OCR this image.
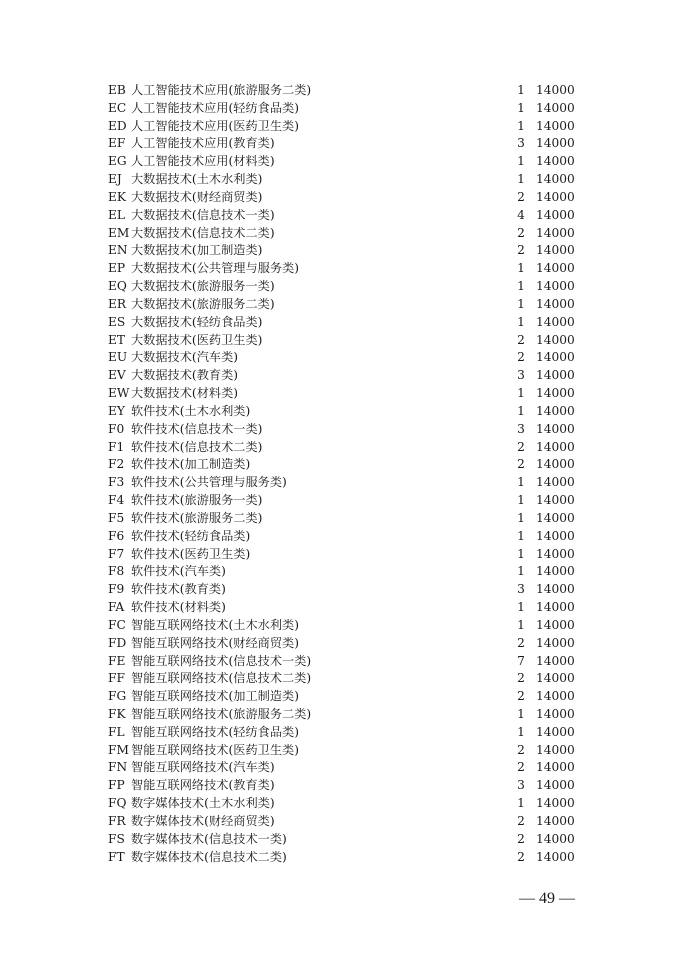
EB 人工智能技术应用(旅游服务二类)	1 14000
EC 人工智能技术应用(轻纺食品类)	1 14000
ED 人工智能技术应用(医药卫生类)	1 14000
EF 人工智能技术应用(教育类)	3 14000
EG 人工智能技术应用(材料类)	1 14000
EJ 大数据技术(土木水利类)	1 14000
EK 大数据技术(财经商贸类)	2 14000
EL 大数据技术(信息技术一类)	4 14000
EM 大数据技术(信息技术二类)	2 14000
EN 大数据技术(加工制造类)	2 14000
EP 大数据技术(公共管理与服务类)	1 14000
EQ 大数据技术(旅游服务一类)	1 14000
ER 大数据技术(旅游服务二类)	1 14000
ES 大数据技术(轻纺食品类)	1 14000
ET 大数据技术(医药卫生类)	2 14000
EU 大数据技术(汽车类)	2 14000
EV 大数据技术(教育类)	3 14000
EW 大数据技术(材料类)	1 14000
EY 软件技术(土木水利类)	1 14000
F0 软件技术(信息技术一类)	3 14000
F1 软件技术(信息技术二类)	2 14000
F2 软件技术(加工制造类)	2 14000
F3 软件技术(公共管理与服务类)	1 14000
F4 软件技术(旅游服务一类)	1 14000
F5 软件技术(旅游服务二类)	1 14000
F6 软件技术(轻纺食品类)	1 14000
F7 软件技术(医药卫生类)	1 14000
F8 软件技术(汽车类)	1 14000
F9 软件技术(教育类)	3 14000
FA 软件技术(材料类)	1 14000
FC 智能互联网络技术(土木水利类)	1 14000
FD 智能互联网络技术(财经商贸类)	2 14000
FE 智能互联网络技术(信息技术一类)	7 14000
FF 智能互联网络技术(信息技术二类)	2 14000
FG 智能互联网络技术(加工制造类)	2 14000
FK 智能互联网络技术(旅游服务二类)	1 14000
FL 智能互联网络技术(轻纺食品类)	1 14000
FM 智能互联网络技术(医药卫生类)	2 14000
FN 智能互联网络技术(汽车类)	2 14000
FP 智能互联网络技术(教育类)	3 14000
FQ 数字媒体技术(土木水利类)	1 14000
FR 数字媒体技术(财经商贸类)	2 14000
FS 数字媒体技术(信息技术一类)	2 14000
FT 数字媒体技术(信息技术二类)	2 14000
— 49 —
